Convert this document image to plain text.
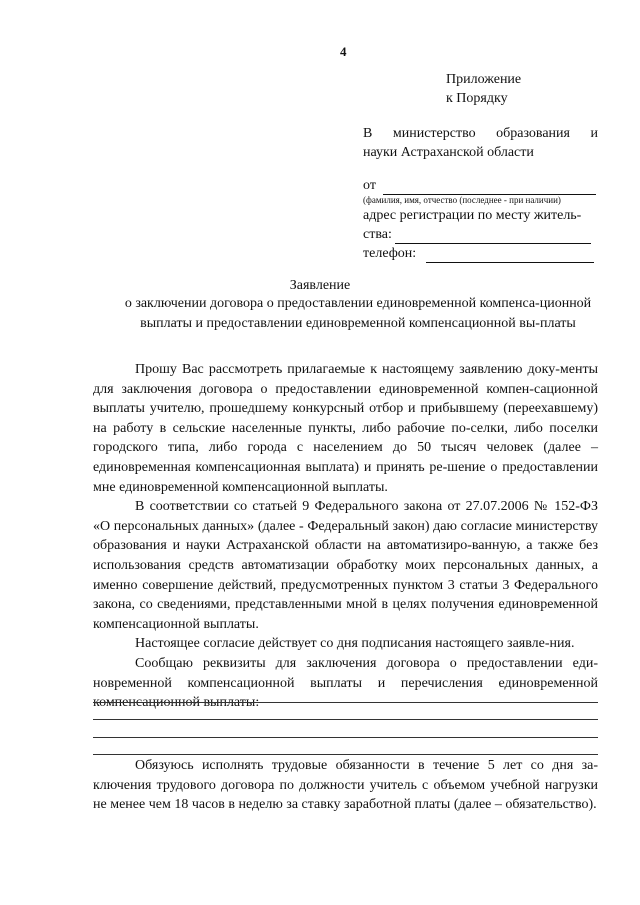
4
Приложение
к Порядку
В министерство образования и
науки Астраханской области
от
(фамилия, имя, отчество (последнее - при наличии)
адрес регистрации по месту житель-
ства:
телефон:
Заявление
о заключении договора о предоставлении единовременной компенса-ционной выплаты и предоставлении единовременной компенсационной вы-платы

Прошу Вас рассмотреть прилагаемые к настоящему заявлению доку-менты для заключения договора о предоставлении единовременной компен-сационной выплаты учителю, прошедшему конкурсный отбор и прибывшему (переехавшему) на работу в сельские населенные пункты, либо рабочие по-селки, либо поселки городского типа, либо города с населением до 50 тысяч человек (далее – единовременная компенсационная выплата) и принять ре-шение о предоставлении мне единовременной компенсационной выплаты.

В соответствии со статьей 9 Федерального закона от 27.07.2006 № 152-ФЗ «О персональных данных» (далее - Федеральный закон) даю согласие министерству образования и науки Астраханской области на автоматизиро-ванную, а также без использования средств автоматизации обработку моих персональных данных, а именно совершение действий, предусмотренных пунктом 3 статьи 3 Федерального закона, со сведениями, представленными мной в целях получения единовременной компенсационной выплаты.

Настоящее согласие действует со дня подписания настоящего заявле-ния.

Сообщаю реквизиты для заключения договора о предоставлении еди-новременной компенсационной выплаты и перечисления единовременной компенсационной выплаты:

Обязуюсь исполнять трудовые обязанности в течение 5 лет со дня за-ключения трудового договора по должности учитель с объемом учебной нагрузки не менее чем 18 часов в неделю за ставку заработной платы (далее – обязательство).
